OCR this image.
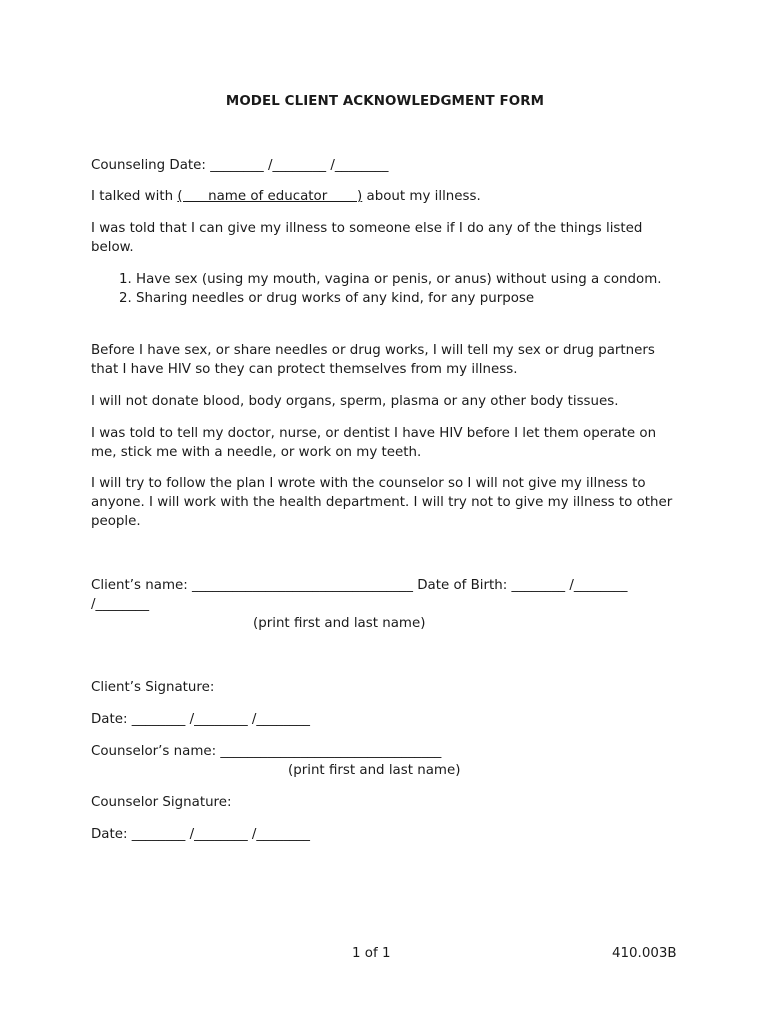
MODEL CLIENT ACKNOWLEDGMENT FORM
Counseling Date: ________ /________ /________
I talked with (      name of educator       ) about my illness.
I was told that I can give my illness to someone else if I do any of the things listed below.
1. Have sex (using my mouth, vagina or penis, or anus) without using a condom.
2. Sharing needles or drug works of any kind, for any purpose
Before I have sex, or share needles or drug works, I will tell my sex or drug partners that I have HIV so they can protect themselves from my illness.
I will not donate blood, body organs, sperm, plasma or any other body tissues.
I was told to tell my doctor, nurse, or dentist I have HIV before I let them operate on me, stick me with a needle, or work on my teeth.
I will try to follow the plan I wrote with the counselor so I will not give my illness to anyone. I will work with the health department. I will try not to give my illness to other people.
Client’s name: _________________________________ Date of Birth: ________ /________ /________
(print first and last name)
Client’s Signature:
Date: ________ /________ /________
Counselor’s name: _________________________________
(print first and last name)
Counselor Signature:
Date: ________ /________ /________
1 of 1	410.003B
